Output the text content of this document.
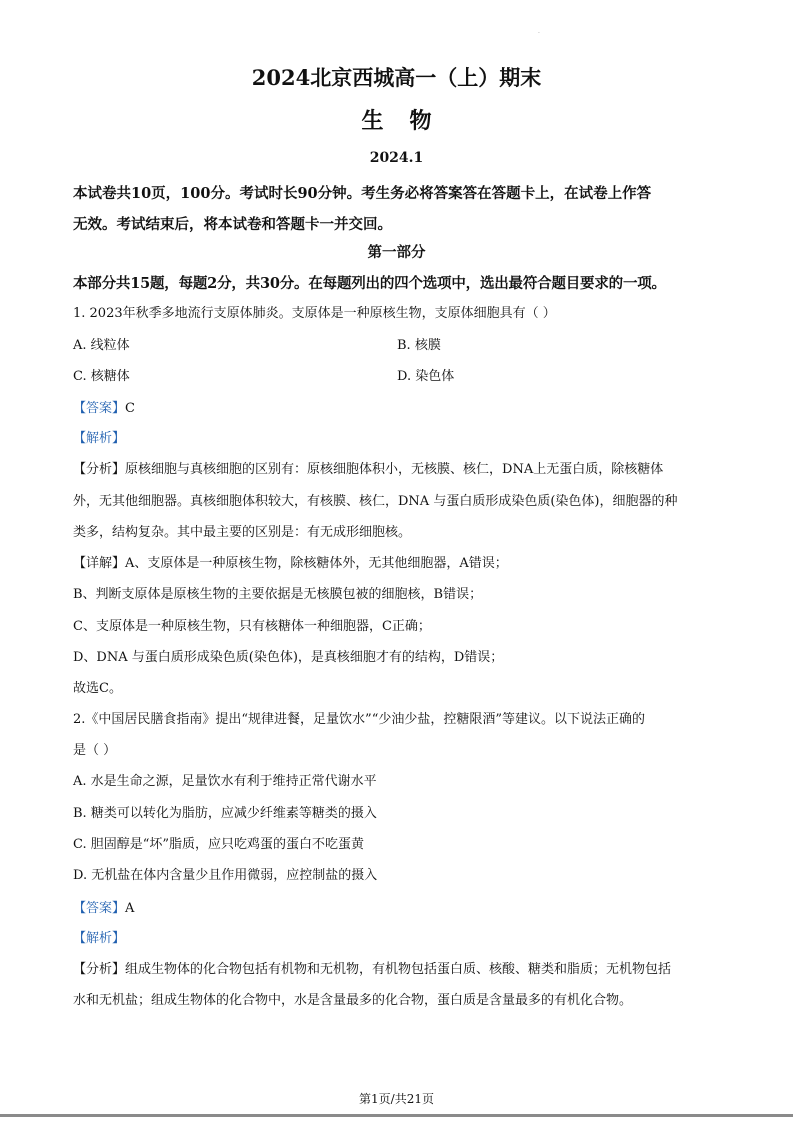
·
2024北京西城高一（上）期末
生物
2024.1
本试卷共10页，100分。考试时长90分钟。考生务必将答案答在答题卡上，在试卷上作答
无效。考试结束后，将本试卷和答题卡一并交回。
第一部分
本部分共15题，每题2分，共30分。在每题列出的四个选项中，选出最符合题目要求的一项。
1. 2023年秋季多地流行支原体肺炎。支原体是一种原核生物，支原体细胞具有（ ）
A. 线粒体	B. 核膜
C. 核糖体	D. 染色体
【答案】C
【解析】
【分析】原核细胞与真核细胞的区别有：原核细胞体积小，无核膜、核仁，DNA上无蛋白质，除核糖体
外，无其他细胞器。真核细胞体积较大，有核膜、核仁，DNA 与蛋白质形成染色质(染色体)，细胞器的种
类多，结构复杂。其中最主要的区别是：有无成形细胞核。
【详解】A、支原体是一种原核生物，除核糖体外，无其他细胞器，A错误；
B、判断支原体是原核生物的主要依据是无核膜包被的细胞核，B错误；
C、支原体是一种原核生物，只有核糖体一种细胞器，C正确；
D、DNA 与蛋白质形成染色质(染色体)，是真核细胞才有的结构，D错误；
故选C。
2.《中国居民膳食指南》提出“规律进餐，足量饮水”“少油少盐，控糖限酒”等建议。以下说法正确的
是（ ）
A. 水是生命之源，足量饮水有利于维持正常代谢水平
B. 糖类可以转化为脂肪，应减少纤维素等糖类的摄入
C. 胆固醇是“坏”脂质，应只吃鸡蛋的蛋白不吃蛋黄
D. 无机盐在体内含量少且作用微弱，应控制盐的摄入
【答案】A
【解析】
【分析】组成生物体的化合物包括有机物和无机物，有机物包括蛋白质、核酸、糖类和脂质；无机物包括
水和无机盐；组成生物体的化合物中，水是含量最多的化合物，蛋白质是含量最多的有机化合物。
第1页/共21页
